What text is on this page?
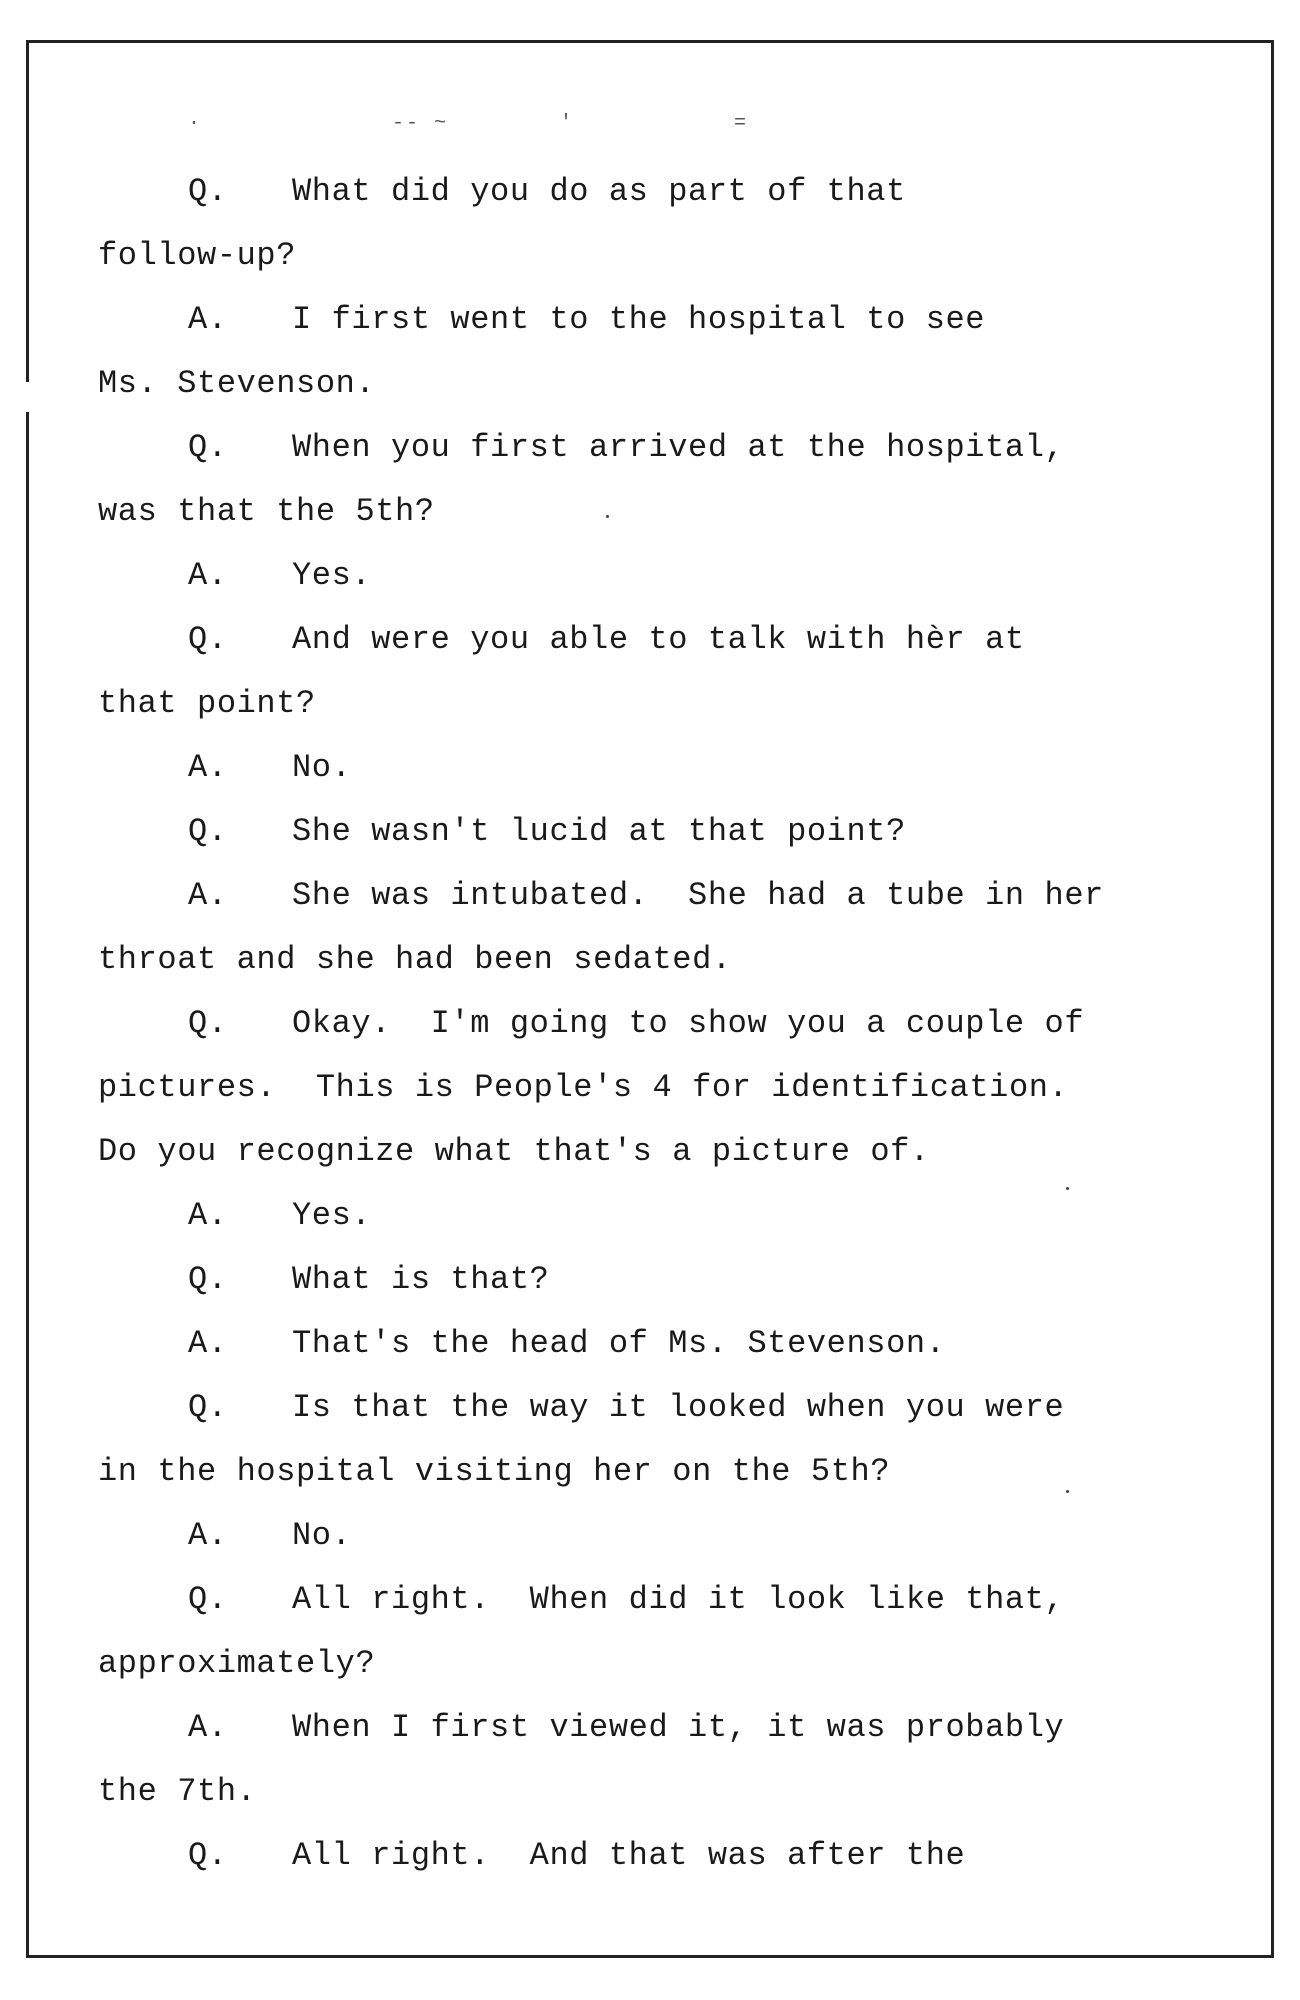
·	-- ~	'	=
Q. What did you do as part of that
follow-up?
A. I first went to the hospital to see
Ms. Stevenson.
Q. When you first arrived at the hospital,
was that the 5th?
A. Yes.
Q. And were you able to talk with hèr at
that point?
A. No.
Q. She wasn't lucid at that point?
A. She was intubated.  She had a tube in her
throat and she had been sedated.
Q. Okay.  I'm going to show you a couple of
pictures.  This is People's 4 for identification.
Do you recognize what that's a picture of.
A. Yes.
Q. What is that?
A. That's the head of Ms. Stevenson.
Q. Is that the way it looked when you were
in the hospital visiting her on the 5th?
A. No.
Q. All right.  When did it look like that,
approximately?
A. When I first viewed it, it was probably
the 7th.
Q. All right.  And that was after the
